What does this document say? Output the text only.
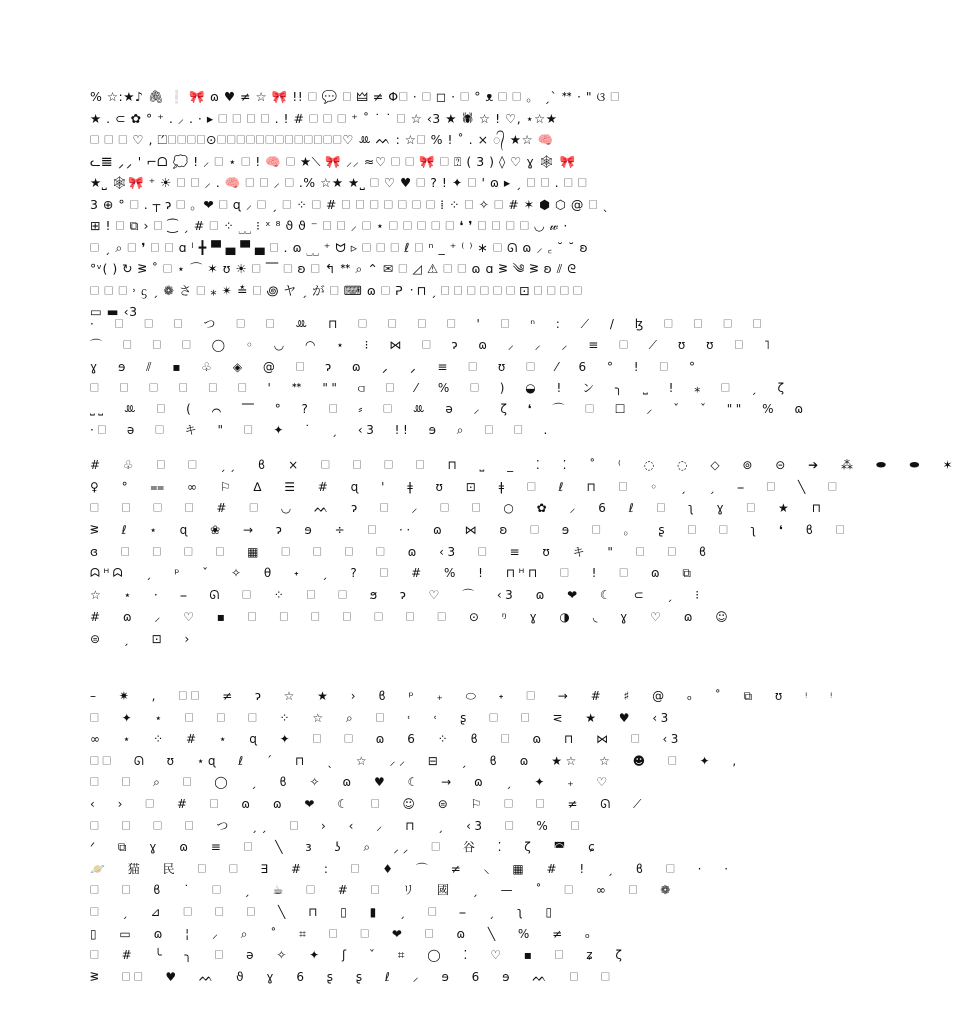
% ☆:★♪ 🖇 ❕ 🎀 ɷ ♥ ≠ ☆ 🎀 !! 🗆 💬 🗆 🜲 ≠ Φ🗆 · 🗆 ◻ · 🗆 ° ᴥ 🗆 🗆 。 ˏˋ ᕯ · " ଓ 🗆
★ . ⊂ ✿ ° ⁺ . ⸝ . · ▸ 🗆 🗆 🗆 🗆 . ! # 🗆 🗆 🗆 ⁺ ˚ ˙ ˙ 🗆 ☆ ‹3 ★ 🕷 ☆ ! ♡, ⋆☆★
🗆 🗆 🗆 ♡ , ⏍🗆🗆🗆🗆⊙🗆🗆🗆🗆🗆🗆🗆🗆🗆🗆🗆🗆🗆♡ ꔛ ᨓ : ☆🗆 % ! ˚ . × ᭄ ★☆ 🧠
ᓚ𝌆 ⸝⸝ ' ⌐ᗝ 💭 ! ⸝ 🗆 ⋆ 🗆 ! 🧠 🗆 ★⟍ 🎀 ⸝⸝ ≈♡ 🗆 🗆 🎀 🗆 ⍰ ( 3 ) ◊ ♡ ɣ 🕸 🎀
★⎵ 🕸🎀 ⁺ ☀ 🗆 🗆 ⸝ . 🧠 🗆 🗆 ⸝ 🗆 .% ☆★ ★⎵ 🗆 ♡ ♥ 🗆 ? ! ✦ 🗆 ' ɷ ▸ ˏ 🗆 🗆 . 🗆 🗆
3 ⊕ ° 🗆 . ┬ ɂ 🗆 。❤ 🗆 ɋ ⸝ 🗆 ˏ 🗆 ⁘ 🗆 # 🗆 🗆 🗆 🗆 🗆 🗆 🗆 ⁞ ⁘ 🗆 ✧ 🗆 # ✶ ⬢ ⬡ @ 🗆 ˎ
⊞ ! 🗆 ⧉ › 🗆 ⁐ ˏ # 🗆 ⁘ ⎵⎵ ⁝ ˣ ⁸ ϑ ϑ ⁻ 🗆 🗆 ⸝ 🗆 ⋆ 🗆 🗆 🗆 🗆 🗆 ❛ ❜ 🗆 🗆 🗆 🗆 ◡ 𝓌 ·
🗆 ˏ ⌕ 🗆 ❜ 🗆 🗆 ɑ ˡ ╋ ▀ ▄ ▀ ▄ 🗆 . ɷ ⎵⎵ ⁺ ᗢ ▹ 🗆 🗆 🗆 ℓ 🗆 ⁿ _ ⁺ ⁽ ⁾ ∗ 🗆 ᘏ ɷ ⸝ ꜀ ˘ ˘ ʚ
°ᵛ( ) ↻ ᕒ ˚ 🗆 ⋆ ⌒ ✶ ʊ ☀ 🗆 ⎺ 🗆 ʚ 🗆 ↰ ᕯ ⌕ ⌃ ✉ 🗆 ◿ ⚠ 🗆 🗆 ɷ ɑ ᕒ ༄ ᕒ ʚ ⫽ ᘓ
🗆 🗆 🗆 ˒ ᦓ ˏ ❁ さ 🗆 ⁎ ✴ ≛ 🗆 ꩜ ヤ ˏ が 🗆 ⌨ ɷ 🗆 ᕈ ᠂ ⊓ ˏ 🗆 🗆 🗆 🗆 🗆 🗆 ⊡ 🗆 🗆 🗆 🗆
▭ ▬ ‹3
· 🗆 🗆 🗆 つ 🗆 🗆 ꔛ ⊓ 🗆 🗆 🗆 🗆 ' 🗆 ⁿ : ⟋ / ɮ 🗆 🗆 🗆 🗆
⌒ 🗆 🗆 🗆 ◯ ◦ ◡ ◠ ⋆ ⁝ ⋈ 🗆 ɂ ɷ ⸝ ⸝ ⸝ ≡ 🗆 ⟋ ʊ ʊ 🗆 ˥
ɣ ɘ ⫽ ▪ ♧ ◈ @ 🗆 ɂ ɷ ⸝ ⸝ ≡ 🗆 ʊ 🗆 ⁄ 6 ° ! 🗆 °
🗆 🗆 🗆 🗆 🗆 🗆 ' ᕯ "" ⫏ 🗆 ⁄ % 🗆 ) ◒ ! ン ╮ ⎵ ! ⁎ 🗆 ˏ ζ
⎵⎵ ꔛ 🗆 ( ⌒ ⎺ ° ? 🗆 ⸗ 🗆 ꔛ ə ⸝ ζ ❛ ⌒ 🗆 ☐ ⸝ ˇ ˇ "" % ɷ
·🗆 ə 🗆 キ " 🗆 ✦ ˙ ˏ ‹3 !! ɘ ⌕ 🗆 🗆 .
# ♧ 🗆 🗆 ˏˏ ϐ × 🗆 🗆 🗆 🗆 ⊓ ⎵ _ ⁚ ⁚ ˚ ⁽ ◌ ◌ ◇ ⊚ ⊝ ➔ ⁂ ⬬ ⬬ ✶
♀ ° ⩵ ∞ ⚐ ∆ ☰ # ɋ ' ǂ ʊ ⊡ ǂ 🗆 ℓ ⊓ 🗆 ◦ ˏ ˏ ⎯ 🗆 ╲ 🗆
🗆 🗆 🗆 🗆 # 🗆 ◡ ᨓ ɂ 🗆 ⸝ 🗆 🗆 ○ ✿ ⸝ 6 ℓ 🗆 ʅ ɣ 🗆 ★ ⊓
ᕒ ℓ ⋆ ɋ ❀ → ɂ ɘ ÷ 🗆 ·· ɷ ⋈ ʚ 🗆 ɘ 🗆 。 ʂ 🗆 🗆 ʅ ❛ ϐ 🗆
ɞ 🗆 🗆 🗆 🗆 ▦ 🗆 🗆 🗆 🗆 ɷ ‹3 🗆 ≡ ʊ キ " 🗆 🗆 ϐ
ᗣᴴᗣ ˏ ᵖ ˇ ✧ θ ˖ ˏ ? 🗆 # % ! ⊓ᴴ⊓ 🗆 ! 🗆 ɷ ⧉
☆ ⋆ · ⎯ ᘏ 🗆 ⁘ 🗆 🗆 ϧ ɂ ♡ ⌒ ‹3 ɷ ❤ ☾ ⊂ ˏ ⁝
# ɷ ⸝ ♡ ▪ 🗆 🗆 🗆 🗆 🗆 🗆 🗆 ⊙ ᵑ ɣ ◑ ◟ ɣ ♡ ɷ ☺
⊜ ˏ ⊡ ›
– ✷ , 🗆🗆 ≠ ɂ ☆ ★ › ϐ ᵖ ₊ ⬭ ˖ 🗆 → # ♯ @ ₒ ˚ ⧉ ʊ ᵎ ᵎ
🗆 ✦ ⋆ 🗆 🗆 🗆 ⁘ ☆ ⌕ 🗆 ˓ ˓ ʂ 🗆 🗆 ⋜ ★ ♥ ‹3
∞ ⋆ ⁘ # ⋆ ɋ ✦ 🗆 🗆 ɷ 6 ⁘ ϐ 🗆 ɷ ⊓ ⋈ 🗆 ‹3
🗆🗆 ᘏ ʊ ⋆ɋ ℓ ˊ ⊓ ˎ ☆ ⸝⸝ ⊟ ˏ ϐ ɷ ★☆ ☆ ☻ 🗆 ✦ ,
🗆 🗆 ⌕ 🗆 ◯ ˏ ϐ ✧ ɷ ♥ ☾ → ɷ ˏ ✦ ₊ ♡
‹ › 🗆 # 🗆 ɷ ɷ ❤ ☾ 🗆 ☺ ⊜ ⚐ 🗆 🗆 ≠ ᘏ ⟋
🗆 🗆 🗆 🗆 つ ˏˏ 🗆 › ‹ ⸝ ⊓ ˏ ‹3 🗆 % 🗆
ᐟ ⧉ ɣ ɷ ≡ 🗆 ╲ ɜ ʖ ⌕ ⸝⸝ 🗆 谷 ⁚ ζ ◚ ɕ
🪐 猫 民 🗆 🗆 ∃ # : 🗆 ♦ ⌒ ≠ ⸜ ▦ # ! ˏ ϐ 🗆 · ·
🗆 🗆 ϐ ˙ 🗆 ˏ ☕ 🗆 # 🗆 リ 國 ˏ — ˚ 🗆 ∞ 🗆 ❁
🗆 ˏ ⊿ 🗆 🗆 🗆 ╲ ⊓ ▯ ▮ ˏ 🗆 ⎯ ˏ ʅ ▯
▯ ▭ ɷ ¦ ⸝ ⌕ ˚ ⌗ 🗆 🗆 ❤ 🗆 ɷ ╲ % ≠ ₒ
🗆 # ╰ ╮ 🗆 ə ✧ ✦ ʃ ˇ ⌗ ◯ ⁚ ♡ ▪ 🗆 ʑ ζ
ᕒ 🗆🗆 ♥ ᨓ ϑ ɣ 6 ʂ ʂ ℓ ⸝ ɘ 6 ɘ ᨓ 🗆 🗆
